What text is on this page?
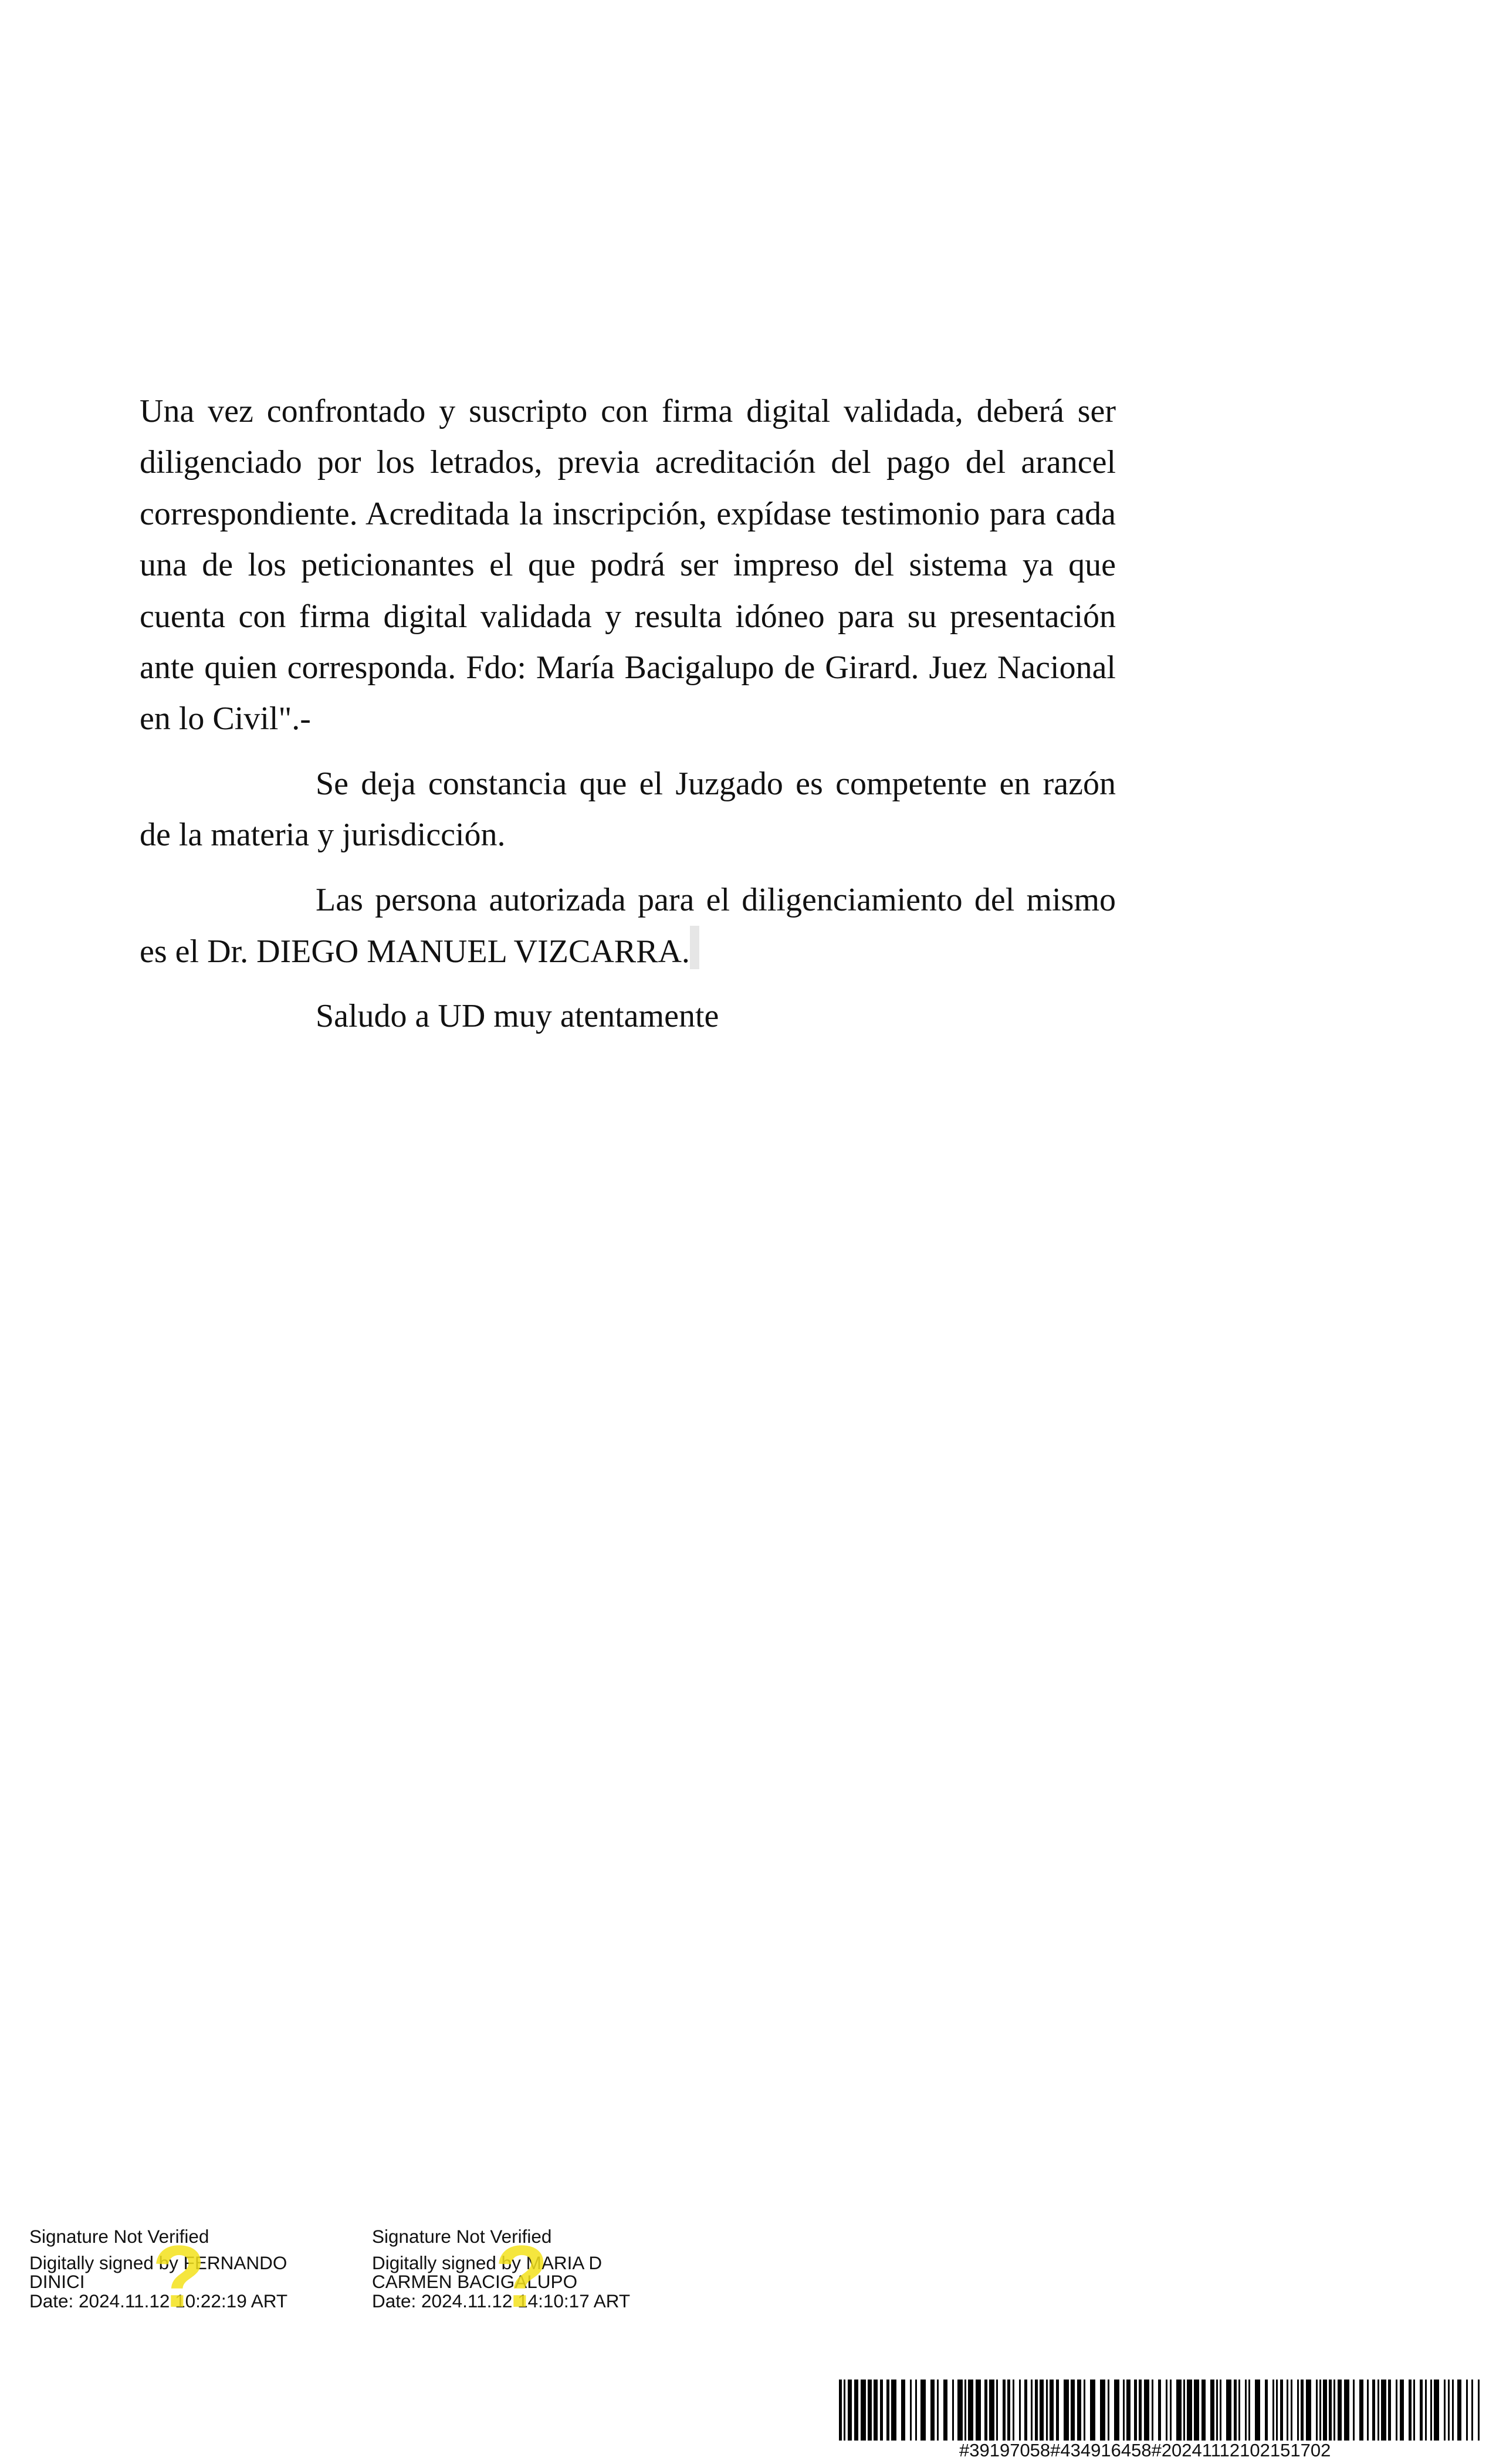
Una vez confrontado y suscripto con firma digital validada, deberá ser diligenciado por los letrados, previa acreditación del pago del arancel correspondiente. Acreditada la inscripción, expídase testimonio para cada una de los peticionantes el que podrá ser impreso del sistema ya que cuenta con firma digital validada y resulta idóneo para su presentación ante quien corresponda. Fdo: María Bacigalupo de Girard. Juez Nacional en lo Civil".-

Se deja constancia que el Juzgado es competente en razón de la materia y jurisdicción.

Las persona autorizada para el diligenciamiento del mismo es el Dr. DIEGO MANUEL VIZCARRA.

Saludo a UD muy atentamente

Signature Not Verified
Digitally signed by FERNANDO
DINICI
Date: 2024.11.12 10:22:19 ART
?	Signature Not Verified
Digitally signed by MARIA D
CARMEN BACIGALUPO
Date: 2024.11.12 14:10:17 ART
?
#39197058#434916458#20241112102151702
